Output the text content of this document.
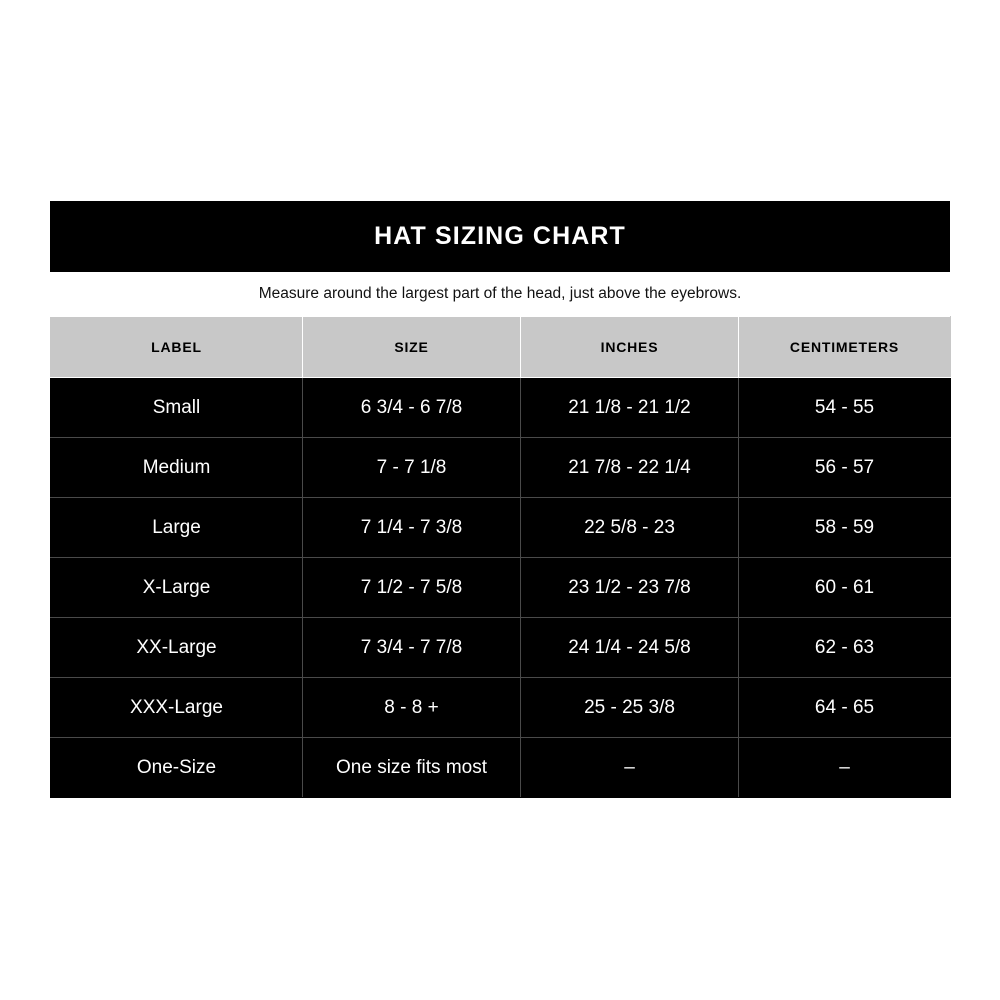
HAT SIZING CHART
Measure around the largest part of the head, just above the eyebrows.
LABEL	SIZE	INCHES	CENTIMETERS
Small	6 3/4 - 6 7/8	21 1/8 - 21 1/2	54 - 55
Medium	7 - 7 1/8	21 7/8 - 22 1/4	56 - 57
Large	7 1/4 - 7 3/8	22 5/8 - 23	58 - 59
X-Large	7 1/2 - 7 5/8	23 1/2 - 23 7/8	60 - 61
XX-Large	7 3/4 - 7 7/8	24 1/4 - 24 5/8	62 - 63
XXX-Large	8 - 8 +	25 - 25 3/8	64 - 65
One-Size	One size fits most	–	–
